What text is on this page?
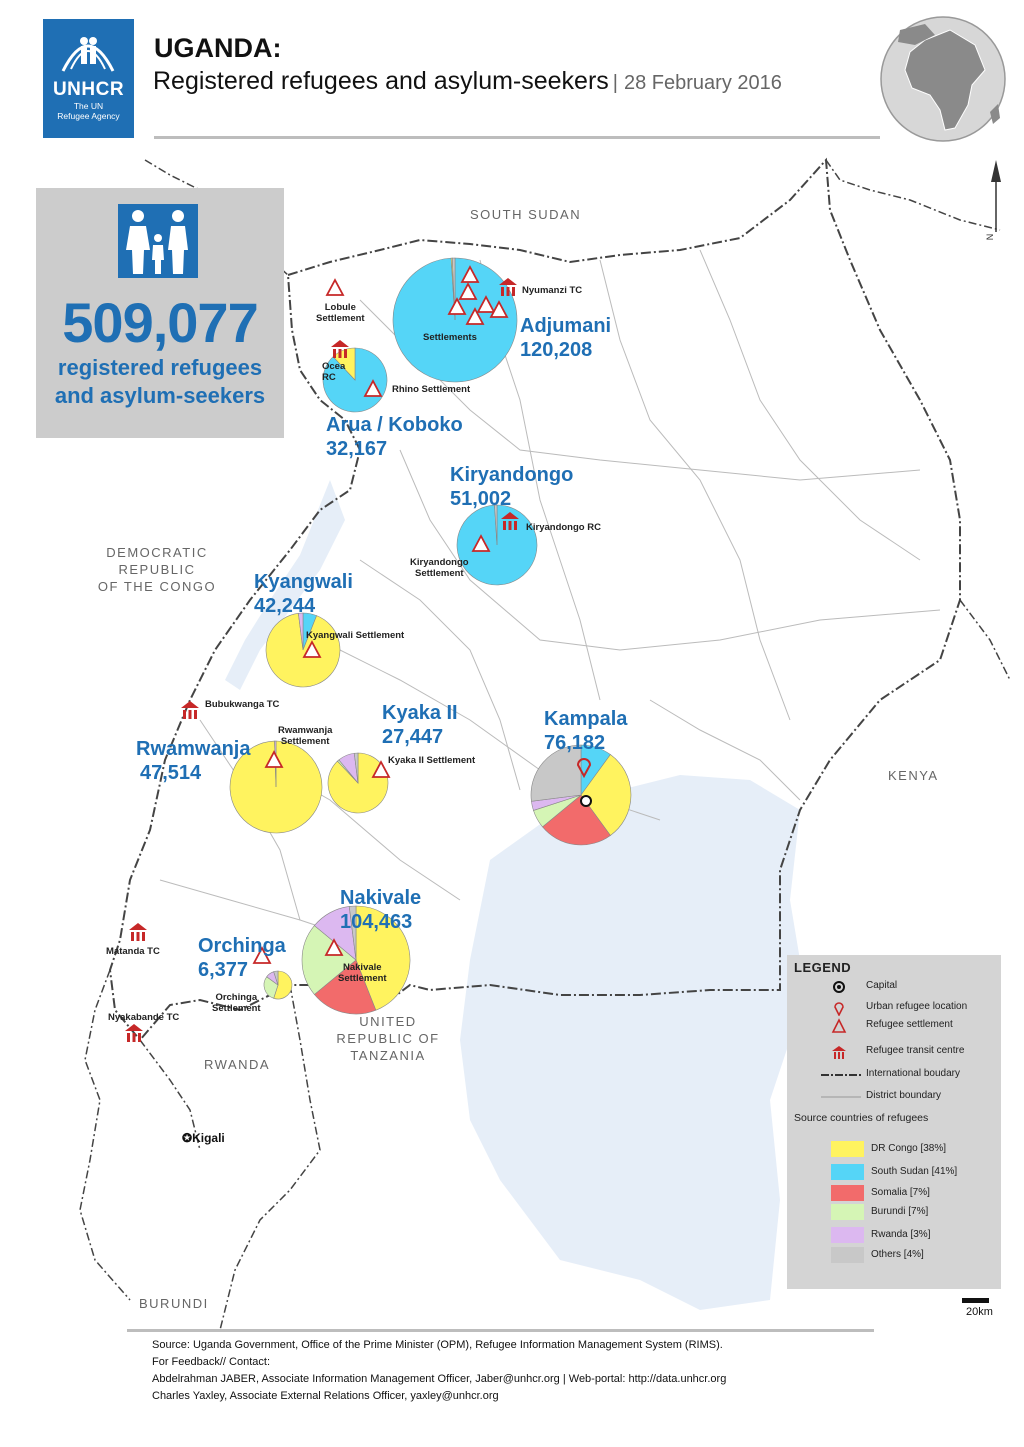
UNHCR
The UN
Refugee Agency
UGANDA:
Registered refugees and asylum-seekers | 28 February 2016
509,077
registered refugees
and asylum-seekers
SOUTH SUDAN
DEMOCRATIC
REPUBLIC
OF THE CONGO
KENYA
UNITED
REPUBLIC OF
TANZANIA
RWANDA
BURUNDI
✪Kigali
Adjumani
120,208
Arua / Koboko
32,167
Kiryandongo
51,002
Kyangwali
42,244
Kyaka II
27,447
Rwamwanja
47,514
Kampala
76,182
Nakivale
104,463
Orchinga
6,377
Lobule
Settlement
Nyumanzi TC
Settlements
Ocea
RC
Rhino Settlement
Kiryandongo RC
Kiryandongo
Settlement
Kyangwali Settlement
Bubukwanga TC
Rwamwanja
Settlement
Kyaka II Settlement
Nakivale
Settlement
Orchinga
Settlement
Matanda TC
Nyakabande TC
LEGEND
Capital
Urban refugee location
Refugee settlement
Refugee transit centre
International boudary
District boundary
Source countries of refugees
DR Congo [38%]
South Sudan [41%]
Somalia [7%]
Burundi [7%]
Rwanda [3%]
Others [4%]
20km
N
Source: Uganda Government, Office of the Prime Minister (OPM), Refugee Information Management System (RIMS).
For Feedback// Contact:
Abdelrahman JABER, Associate Information Management Officer, Jaber@unhcr.org | Web-portal: http://data.unhcr.org
Charles Yaxley, Associate External Relations Officer, yaxley@unhcr.org
